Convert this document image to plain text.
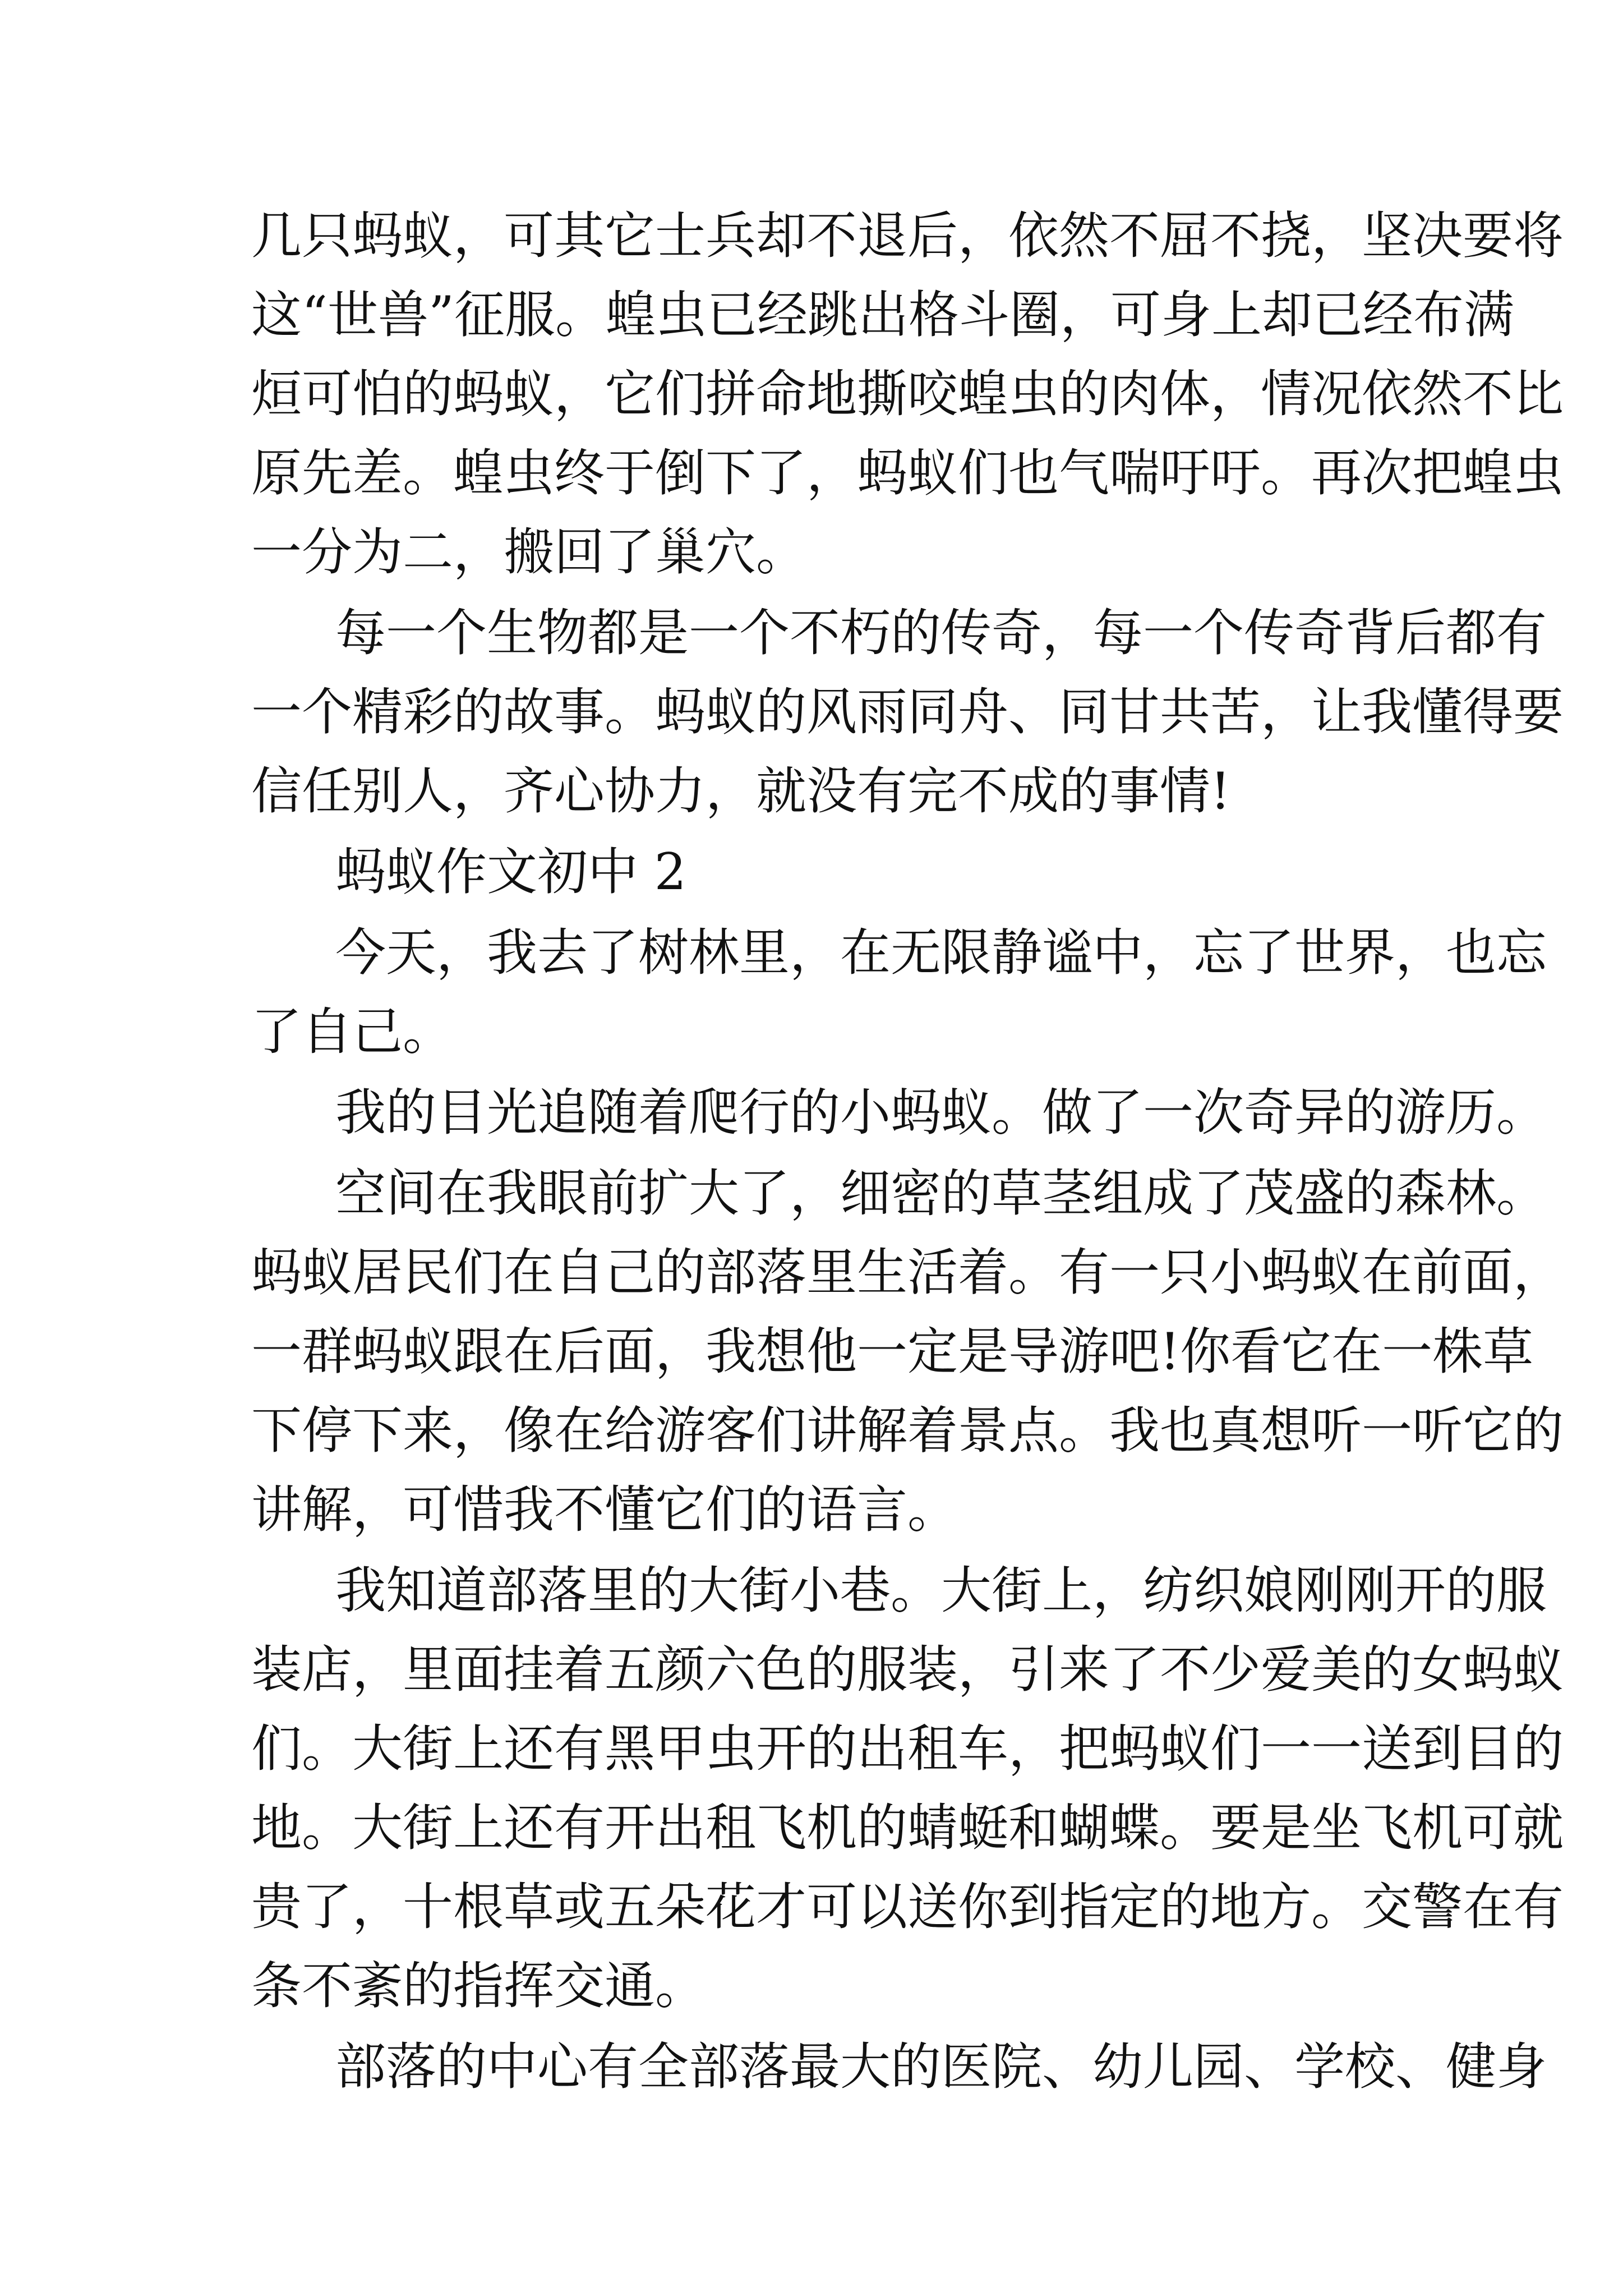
几只蚂蚁，可其它士兵却不退后，依然不屈不挠，坚决要将
这“世兽”征服。蝗虫已经跳出格斗圈，可身上却已经布满
烜可怕的蚂蚁，它们拼命地撕咬蝗虫的肉体，情况依然不比
原先差。蝗虫终于倒下了，蚂蚁们也气喘吁吁。再次把蝗虫
一分为二，搬回了巢穴。
每一个生物都是一个不朽的传奇，每一个传奇背后都有
一个精彩的故事。蚂蚁的风雨同舟、同甘共苦，让我懂得要
信任别人，齐心协力，就没有完不成的事情!
蚂蚁作文初中 2
今天，我去了树林里，在无限静谧中，忘了世界，也忘
了自己。
我的目光追随着爬行的小蚂蚁。做了一次奇异的游历。
空间在我眼前扩大了，细密的草茎组成了茂盛的森林。
蚂蚁居民们在自己的部落里生活着。有一只小蚂蚁在前面，
一群蚂蚁跟在后面，我想他一定是导游吧!你看它在一株草
下停下来，像在给游客们讲解着景点。我也真想听一听它的
讲解，可惜我不懂它们的语言。
我知道部落里的大街小巷。大街上，纺织娘刚刚开的服
装店，里面挂着五颜六色的服装，引来了不少爱美的女蚂蚁
们。大街上还有黑甲虫开的出租车，把蚂蚁们一一送到目的
地。大街上还有开出租飞机的蜻蜓和蝴蝶。要是坐飞机可就
贵了，十根草或五朵花才可以送你到指定的地方。交警在有
条不紊的指挥交通。
部落的中心有全部落最大的医院、幼儿园、学校、健身
